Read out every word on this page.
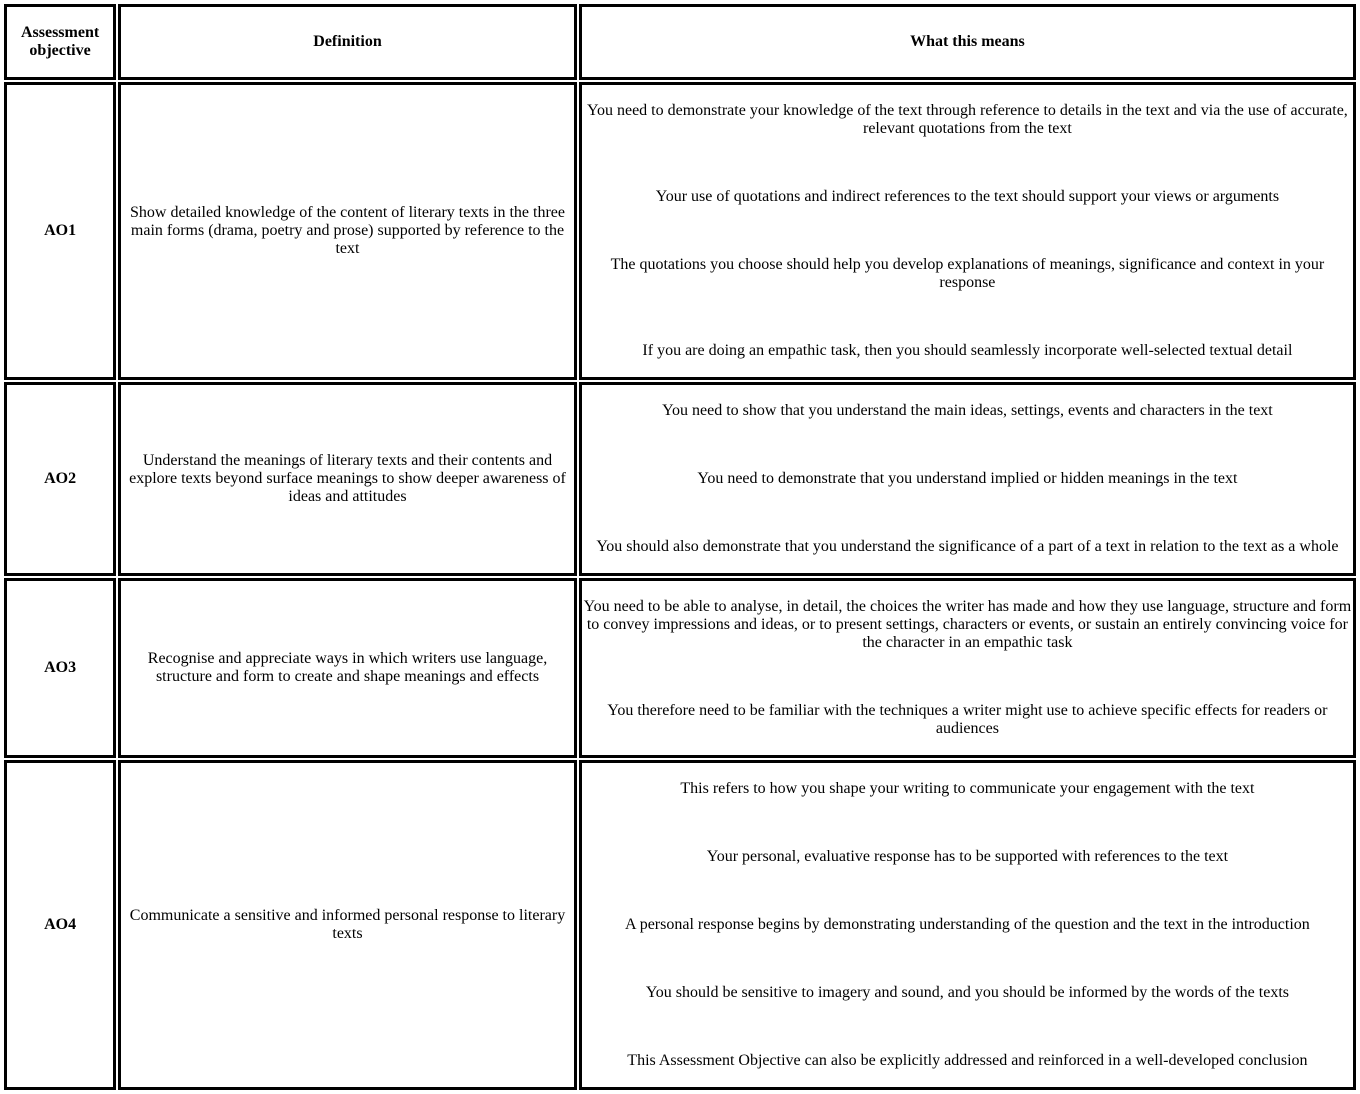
Assessment objective	Definition	What this means
AO1	Show detailed knowledge of the content of literary texts in the three main forms (drama, poetry and prose) supported by reference to the text	You need to demonstrate your knowledge of the text through reference to details in the text and via the use of accurate, relevant quotations from the text

Your use of quotations and indirect references to the text should support your views or arguments

The quotations you choose should help you develop explanations of meanings, significance and context in your response

If you are doing an empathic task, then you should seamlessly incorporate well-selected textual detail

AO2	Understand the meanings of literary texts and their contents and explore texts beyond surface meanings to show deeper awareness of ideas and attitudes	You need to show that you understand the main ideas, settings, events and characters in the text

You need to demonstrate that you understand implied or hidden meanings in the text

You should also demonstrate that you understand the significance of a part of a text in relation to the text as a whole

AO3	Recognise and appreciate ways in which writers use language, structure and form to create and shape meanings and effects	You need to be able to analyse, in detail, the choices the writer has made and how they use language, structure and form to convey impressions and ideas, or to present settings, characters or events, or sustain an entirely convincing voice for the character in an empathic task

You therefore need to be familiar with the techniques a writer might use to achieve specific effects for readers or audiences

AO4	Communicate a sensitive and informed personal response to literary texts	This refers to how you shape your writing to communicate your engagement with the text

Your personal, evaluative response has to be supported with references to the text

A personal response begins by demonstrating understanding of the question and the text in the introduction

You should be sensitive to imagery and sound, and you should be informed by the words of the texts

This Assessment Objective can also be explicitly addressed and reinforced in a well-developed conclusion
